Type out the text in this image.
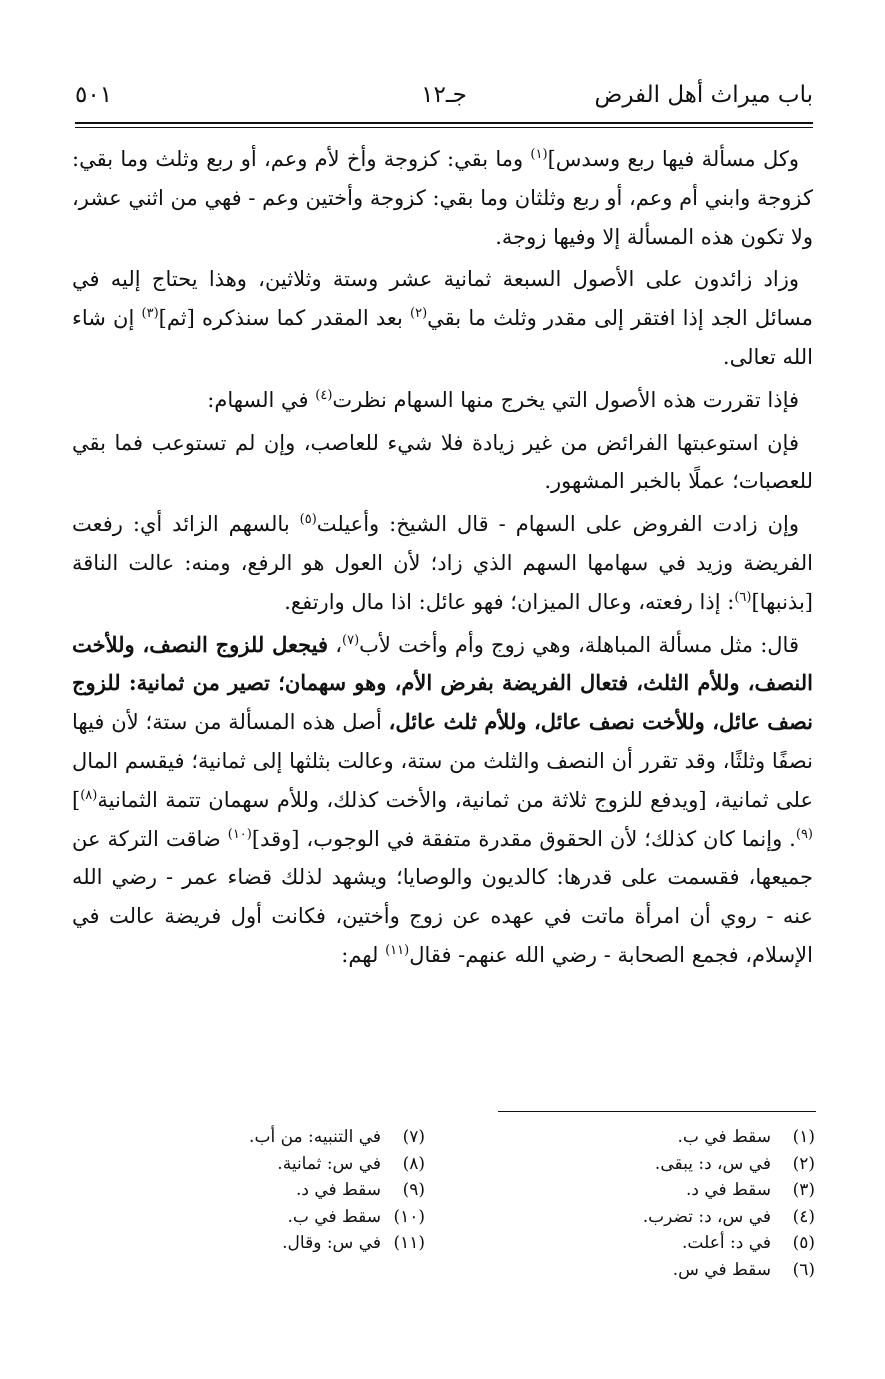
باب ميراث أهل الفرض
جـ١٢
٥٠١

وكل مسألة فيها ربع وسدس]$^{(١)}$ وما بقي: كزوجة وأخ لأم وعم، أو ربع وثلث وما بقي: كزوجة وابني أم وعم، أو ربع وثلثان وما بقي: كزوجة وأختين وعم - فهي من اثني عشر، ولا تكون هذه المسألة إلا وفيها زوجة.

وزاد زائدون على الأصول السبعة ثمانية عشر وستة وثلاثين، وهذا يحتاج إليه في مسائل الجد إذا افتقر إلى مقدر وثلث ما بقي$^{(٢)}$ بعد المقدر كما سنذكره [ثم]$^{(٣)}$ إن شاء الله تعالى.

فإذا تقررت هذه الأصول التي يخرج منها السهام نظرت$^{(٤)}$ في السهام:

فإن استوعبتها الفرائض من غير زيادة فلا شيء للعاصب، وإن لم تستوعب فما بقي للعصبات؛ عملًا بالخبر المشهور.

وإن زادت الفروض على السهام - قال الشيخ: وأعيلت$^{(٥)}$ بالسهم الزائد أي: رفعت الفريضة وزيد في سهامها السهم الذي زاد؛ لأن العول هو الرفع، ومنه: عالت الناقة [بذنبها]$^{(٦)}$: إذا رفعته، وعال الميزان؛ فهو عائل: اذا مال وارتفع.

قال: مثل مسألة المباهلة، وهي زوج وأم وأخت لأب$^{(٧)}$، فيجعل للزوج النصف، وللأخت النصف، وللأم الثلث، فتعال الفريضة بفرض الأم، وهو سهمان؛ تصير من ثمانية: للزوج نصف عائل، وللأخت نصف عائل، وللأم ثلث عائل، أصل هذه المسألة من ستة؛ لأن فيها نصفًا وثلثًا، وقد تقرر أن النصف والثلث من ستة، وعالت بثلثها إلى ثمانية؛ فيقسم المال على ثمانية، [ويدفع للزوج ثلاثة من ثمانية، والأخت كذلك، وللأم سهمان تتمة الثمانية$^{(٨)}$]$^{(٩)}$. وإنما كان كذلك؛ لأن الحقوق مقدرة متفقة في الوجوب، [وقد]$^{(١٠)}$ ضاقت التركة عن جميعها، فقسمت على قدرها: كالديون والوصايا؛ ويشهد لذلك قضاء عمر - رضي الله عنه - روي أن امرأة ماتت في عهده عن زوج وأختين، فكانت أول فريضة عالت في الإسلام، فجمع الصحابة - رضي الله عنهم- فقال$^{(١١)}$ لهم:

(١)
سقط في ب.
(٢)
في س، د: يبقى.
(٣)
سقط في د.
(٤)
في س، د: تضرب.
(٥)
في د: أعلت.
(٦)
سقط في س.
(٧)
في التنبيه: من أب.
(٨)
في س: ثمانية.
(٩)
سقط في د.
(١٠)
سقط في ب.
(١١)
في س: وقال.
